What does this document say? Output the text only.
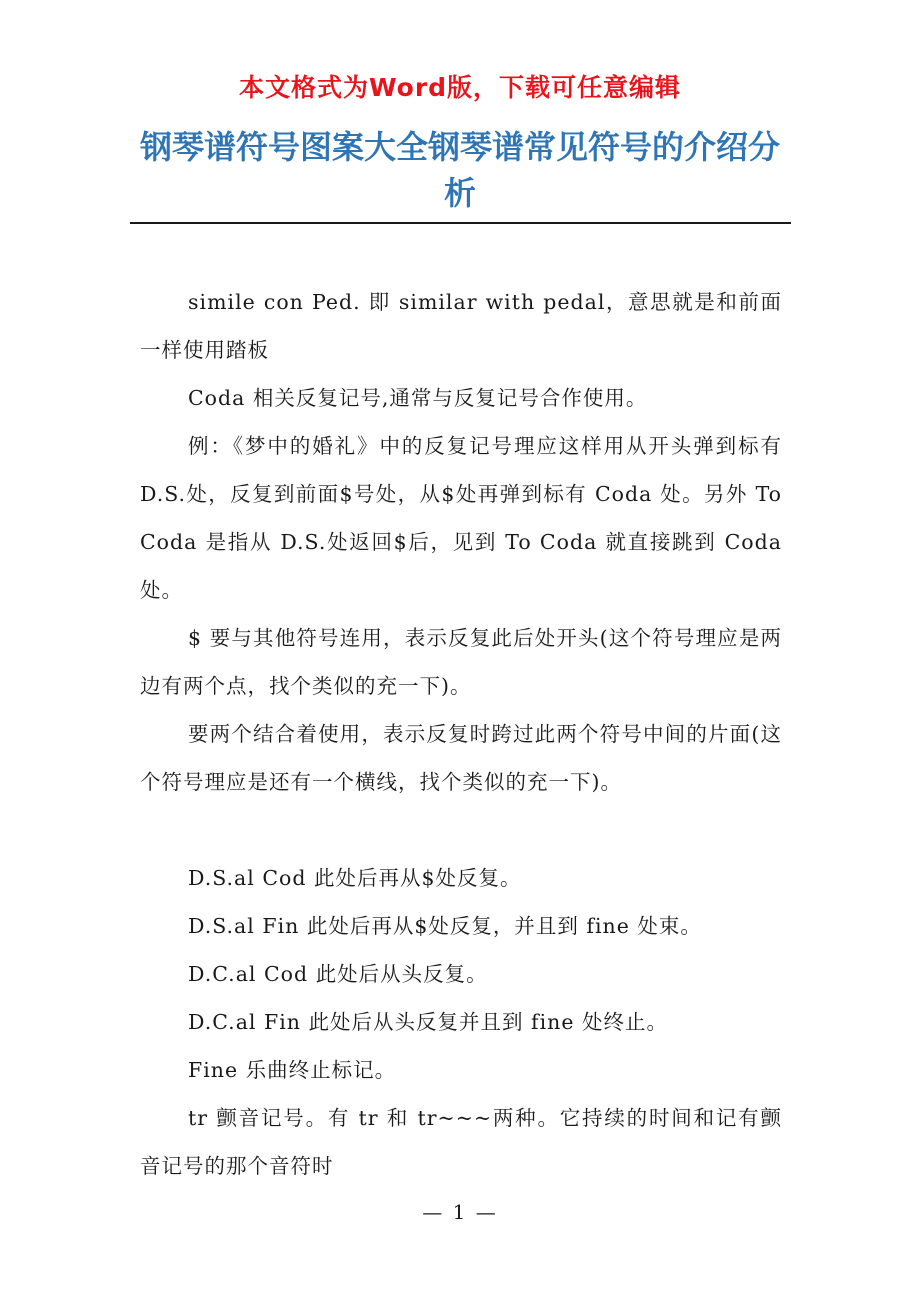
本文格式为Word版，下载可任意编辑
钢琴谱符号图案大全钢琴谱常见符号的介绍分析

simile con Ped. 即 similar with pedal，意思就是和前面一样使用踏板

Coda 相关反复记号,通常与反复记号合作使用。

例：《梦中的婚礼》中的反复记号理应这样用从开头弹到标有 D.S.处，反复到前面$号处，从$处再弹到标有 Coda 处。另外 To Coda 是指从 D.S.处返回$后，见到 To Coda 就直接跳到 Coda 处。

$ 要与其他符号连用，表示反复此后处开头(这个符号理应是两边有两个点，找个类似的充一下)。

要两个结合着使用，表示反复时跨过此两个符号中间的片面(这个符号理应是还有一个横线，找个类似的充一下)。

D.S.al Cod 此处后再从$处反复。

D.S.al Fin 此处后再从$处反复，并且到 fine 处束。

D.C.al Cod 此处后从头反复。

D.C.al Fin 此处后从头反复并且到 fine 处终止。

Fine 乐曲终止标记。

tr 颤音记号。有 tr 和 tr~~~两种。它持续的时间和记有颤音记号的那个音符时

— 1 —
